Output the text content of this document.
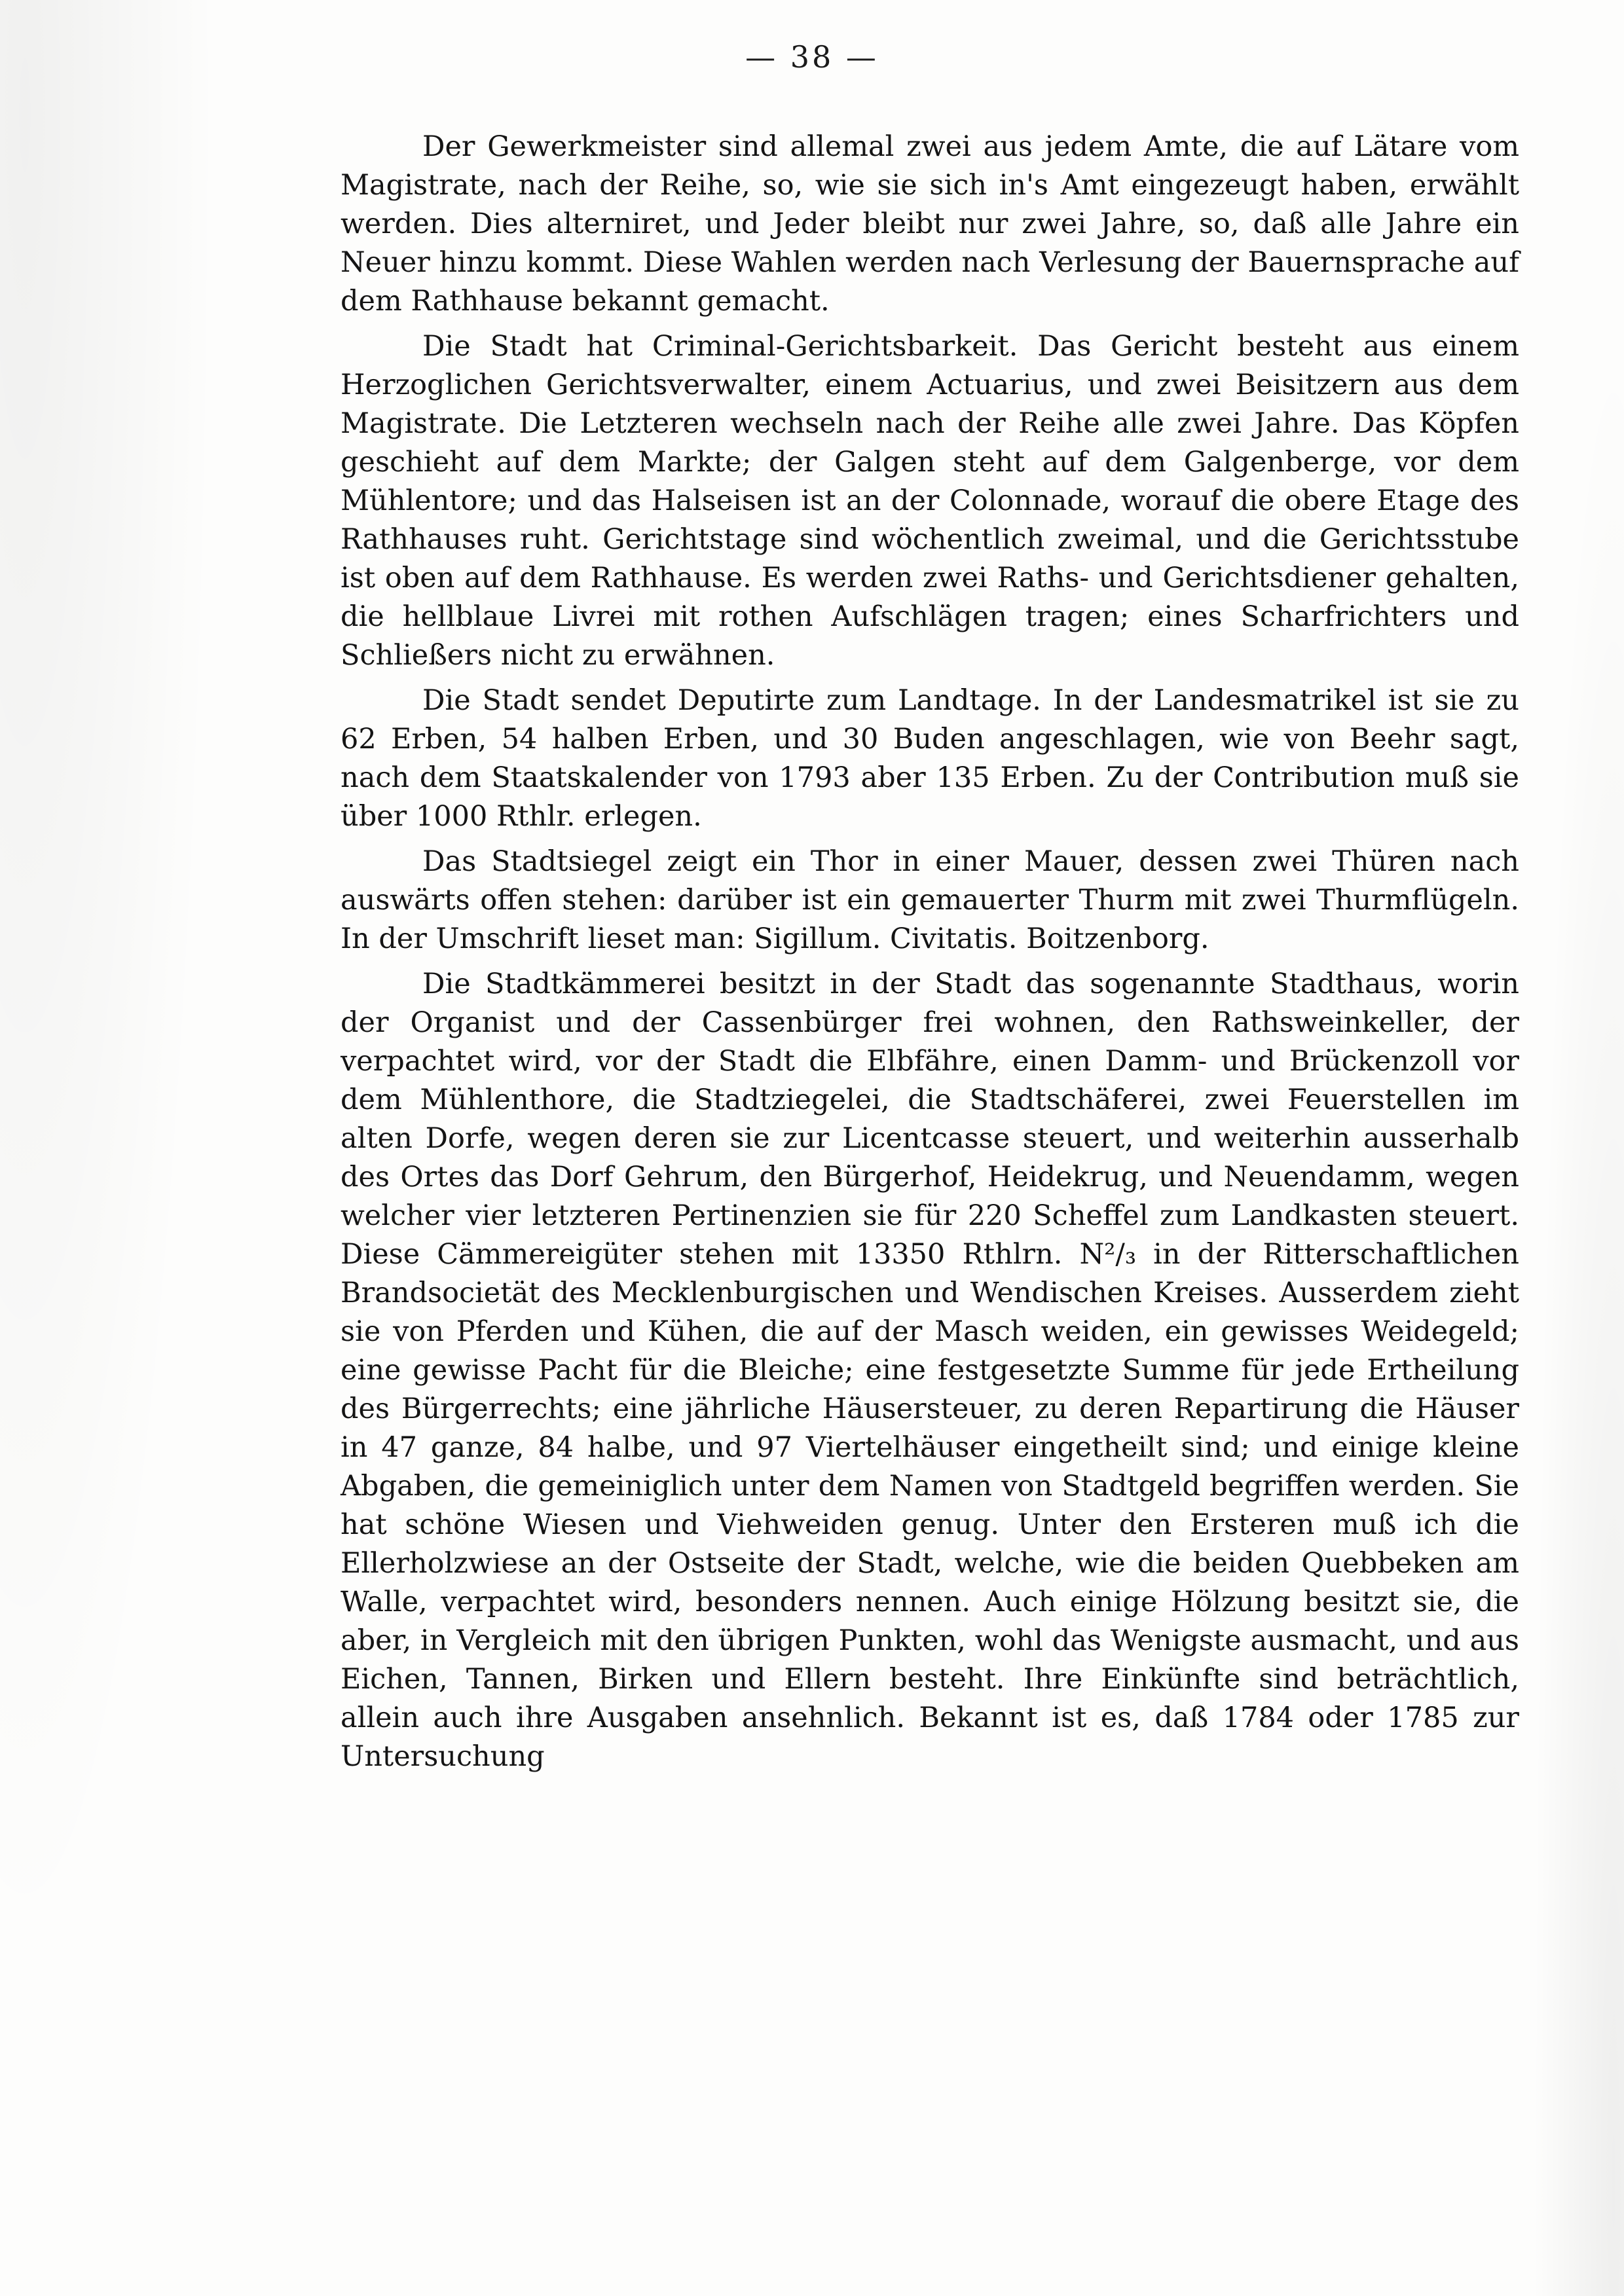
— 38 —

Der Gewerkmeister sind allemal zwei aus jedem Amte, die auf Lätare vom Magistrate, nach der Reihe, so, wie sie sich in's Amt eingezeugt haben, erwählt werden. Dies alterniret, und Jeder bleibt nur zwei Jahre, so, daß alle Jahre ein Neuer hinzu kommt. Diese Wahlen werden nach Verlesung der Bauernsprache auf dem Rathhause bekannt gemacht.

Die Stadt hat Criminal-Gerichtsbarkeit. Das Gericht besteht aus einem Herzoglichen Gerichtsverwalter, einem Actuarius, und zwei Beisitzern aus dem Magistrate. Die Letzteren wechseln nach der Reihe alle zwei Jahre. Das Köpfen geschieht auf dem Markte; der Galgen steht auf dem Galgenberge, vor dem Mühlentore; und das Halseisen ist an der Colonnade, worauf die obere Etage des Rathhauses ruht. Gerichtstage sind wöchentlich zweimal, und die Gerichtsstube ist oben auf dem Rathhause. Es werden zwei Raths- und Gerichtsdiener gehalten, die hellblaue Livrei mit rothen Aufschlägen tragen; eines Scharfrichters und Schließers nicht zu erwähnen.

Die Stadt sendet Deputirte zum Landtage. In der Landesmatrikel ist sie zu 62 Erben, 54 halben Erben, und 30 Buden angeschlagen, wie von Beehr sagt, nach dem Staatskalender von 1793 aber 135 Erben. Zu der Contribution muß sie über 1000 Rthlr. erlegen.

Das Stadtsiegel zeigt ein Thor in einer Mauer, dessen zwei Thüren nach auswärts offen stehen: darüber ist ein gemauerter Thurm mit zwei Thurmflügeln. In der Umschrift lieset man: Sigillum. Civitatis. Boitzenborg.

Die Stadtkämmerei besitzt in der Stadt das sogenannte Stadthaus, worin der Organist und der Cassenbürger frei wohnen, den Rathsweinkeller, der verpachtet wird, vor der Stadt die Elbfähre, einen Damm- und Brückenzoll vor dem Mühlenthore, die Stadtziegelei, die Stadtschäferei, zwei Feuerstellen im alten Dorfe, wegen deren sie zur Licentcasse steuert, und weiterhin ausserhalb des Ortes das Dorf Gehrum, den Bürgerhof, Heidekrug, und Neuendamm, wegen welcher vier letzteren Pertinenzien sie für 220 Scheffel zum Landkasten steuert. Diese Cämmereigüter stehen mit 13350 Rthlrn. N²/₃ in der Ritterschaftlichen Brandsocietät des Mecklenburgischen und Wendischen Kreises. Ausserdem zieht sie von Pferden und Kühen, die auf der Masch weiden, ein gewisses Weidegeld; eine gewisse Pacht für die Bleiche; eine festgesetzte Summe für jede Ertheilung des Bürgerrechts; eine jährliche Häusersteuer, zu deren Repartirung die Häuser in 47 ganze, 84 halbe, und 97 Viertelhäuser eingetheilt sind; und einige kleine Abgaben, die gemeiniglich unter dem Namen von Stadtgeld begriffen werden. Sie hat schöne Wiesen und Viehweiden genug. Unter den Ersteren muß ich die Ellerholzwiese an der Ostseite der Stadt, welche, wie die beiden Quebbeken am Walle, verpachtet wird, besonders nennen. Auch einige Hölzung besitzt sie, die aber, in Vergleich mit den übrigen Punkten, wohl das Wenigste ausmacht, und aus Eichen, Tannen, Birken und Ellern besteht. Ihre Einkünfte sind beträchtlich, allein auch ihre Ausgaben ansehnlich. Bekannt ist es, daß 1784 oder 1785 zur Untersuchung
